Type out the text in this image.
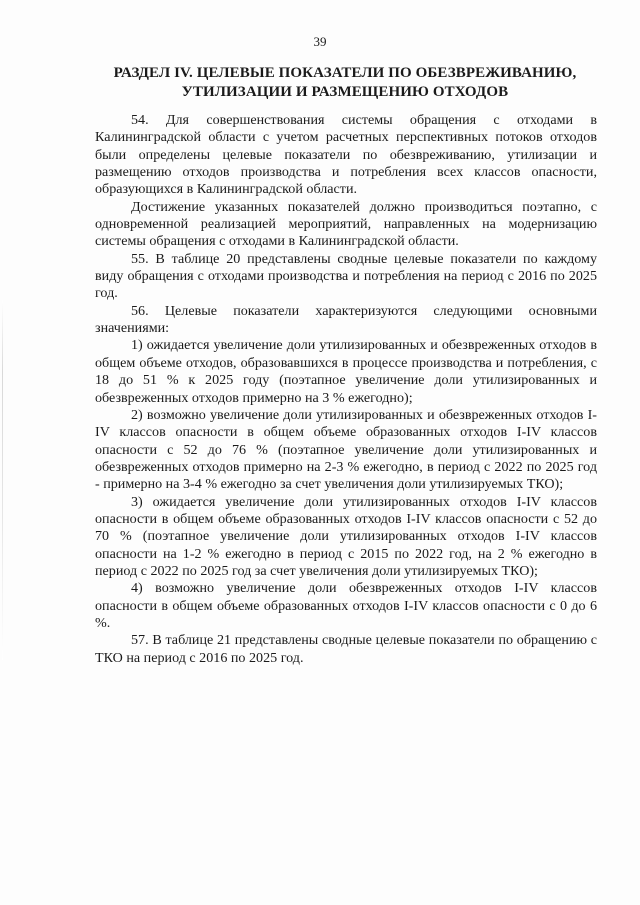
39
РАЗДЕЛ IV. ЦЕЛЕВЫЕ ПОКАЗАТЕЛИ ПО ОБЕЗВРЕЖИВАНИЮ, УТИЛИЗАЦИИ И РАЗМЕЩЕНИЮ ОТХОДОВ

54. Для совершенствования системы обращения с отходами в Калининградской области с учетом расчетных перспективных потоков отходов были определены целевые показатели по обезвреживанию, утилизации и размещению отходов производства и потребления всех классов опасности, образующихся в Калининградской области.

Достижение указанных показателей должно производиться поэтапно, с одновременной реализацией мероприятий, направленных на модернизацию системы обращения с отходами в Калининградской области.

55. В таблице 20 представлены сводные целевые показатели по каждому виду обращения с отходами производства и потребления на период с 2016 по 2025 год.

56. Целевые показатели характеризуются следующими основными значениями:

1) ожидается увеличение доли утилизированных и обезвреженных отходов в общем объеме отходов, образовавшихся в процессе производства и потребления, с 18 до 51 % к 2025 году (поэтапное увеличение доли утилизированных и обезвреженных отходов примерно на 3 % ежегодно);

2) возможно увеличение доли утилизированных и обезвреженных отходов I-IV классов опасности в общем объеме образованных отходов I-IV классов опасности с 52 до 76 % (поэтапное увеличение доли утилизированных и обезвреженных отходов примерно на 2-3 % ежегодно, в период с 2022 по 2025 год - примерно на 3-4 % ежегодно за счет увеличения доли утилизируемых ТКО);

3) ожидается увеличение доли утилизированных отходов I-IV классов опасности в общем объеме образованных отходов I-IV классов опасности с 52 до 70 % (поэтапное увеличение доли утилизированных отходов I-IV классов опасности на 1-2 % ежегодно в период с 2015 по 2022 год, на 2 % ежегодно в период с 2022 по 2025 год за счет увеличения доли утилизируемых ТКО);

4) возможно увеличение доли обезвреженных отходов I-IV классов опасности в общем объеме образованных отходов I-IV классов опасности с 0 до 6 %.

57. В таблице 21 представлены сводные целевые показатели по обращению с ТКО на период с 2016 по 2025 год.
